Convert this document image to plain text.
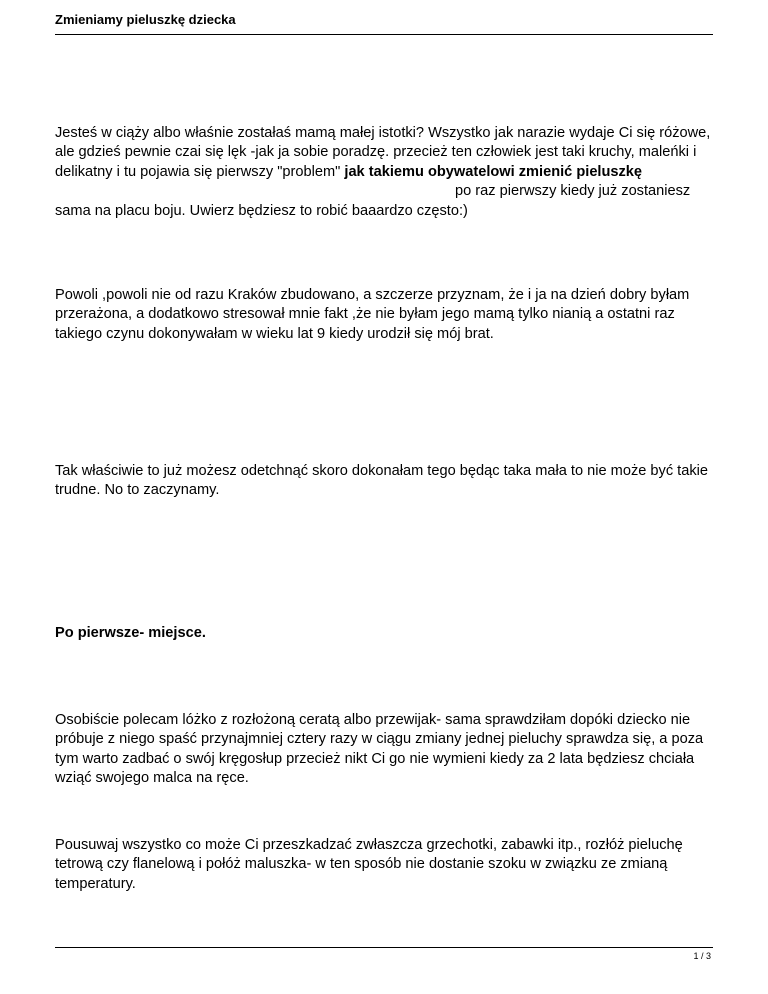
Zmieniamy pieluszkę dziecka

Jesteś w ciąży albo właśnie zostałaś mamą małej istotki? Wszystko jak narazie wydaje Ci się różowe, ale gdzieś pewnie czai się lęk -jak ja sobie poradzę. przecież ten człowiek jest taki kruchy, maleńki i delikatny i tu pojawia się pierwszy "problem" jak takiemu obywatelowi zmienić pieluszkępo raz pierwszy kiedy już zostaniesz sama na placu boju. Uwierz będziesz to robić baaardzo często:)

Powoli ,powoli nie od razu Kraków zbudowano, a szczerze przyznam, że i ja na dzień dobry byłam przerażona, a dodatkowo stresował mnie fakt ,że nie byłam jego mamą tylko nianią a ostatni raz takiego czynu dokonywałam w wieku lat 9 kiedy urodził się mój brat.

Tak właściwie to już możesz odetchnąć skoro dokonałam tego będąc taka mała to nie może być takie trudne. No to zaczynamy.

Po pierwsze- miejsce.

Osobiście polecam lóżko z rozłożoną ceratą albo przewijak- sama sprawdziłam dopóki dziecko nie próbuje z niego spaść przynajmniej cztery razy w ciągu zmiany jednej pieluchy sprawdza się, a poza tym warto zadbać o swój kręgosłup przecież nikt Ci go nie wymieni kiedy za 2 lata będziesz chciała wziąć swojego malca na ręce.

Pousuwaj wszystko co może Ci przeszkadzać zwłaszcza grzechotki, zabawki itp., rozłóż pieluchę tetrową czy flanelową i połóż maluszka- w ten sposób nie dostanie szoku w związku ze zmianą temperatury.

1 / 3
